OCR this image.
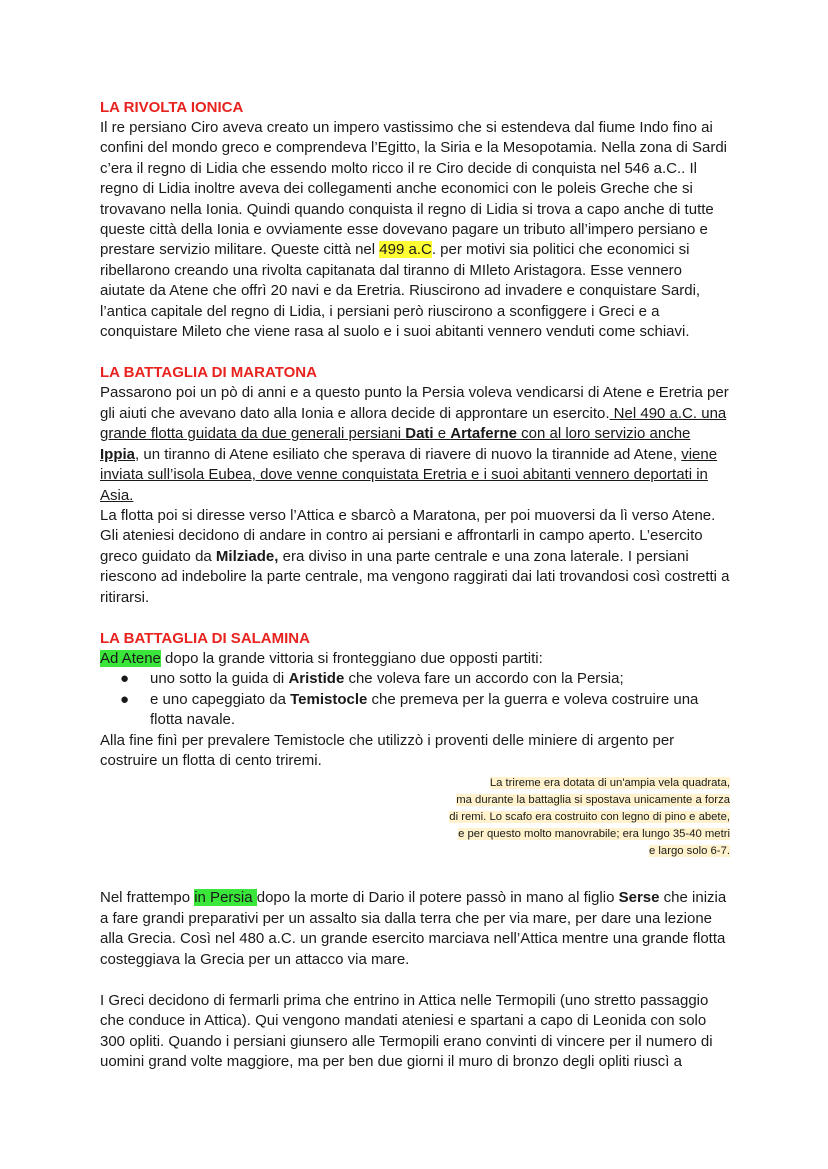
LA RIVOLTA IONICA

Il re persiano Ciro aveva creato un impero vastissimo che si estendeva dal fiume Indo fino ai confini del mondo greco e comprendeva l’Egitto, la Siria e la Mesopotamia. Nella zona di Sardi c’era il regno di Lidia che essendo molto ricco il re Ciro decide di conquista nel 546 a.C.. Il regno di Lidia inoltre aveva dei collegamenti anche economici con le poleis Greche che si trovavano nella Ionia. Quindi quando conquista il regno di Lidia si trova a capo anche di tutte queste città della Ionia e ovviamente esse dovevano pagare un tributo all’impero persiano e prestare servizio militare. Queste città nel 499 a.C. per motivi sia politici che economici si ribellarono creando una rivolta capitanata dal tiranno di MIleto Aristagora. Esse vennero aiutate da Atene che offrì 20 navi e da Eretria. Riuscirono ad invadere e conquistare Sardi, l’antica capitale del regno di Lidia, i persiani però riuscirono a sconfiggere i Greci e a conquistare Mileto che viene rasa al suolo e i suoi abitanti vennero venduti come schiavi.

LA BATTAGLIA DI MARATONA

Passarono poi un pò di anni e a questo punto la Persia voleva vendicarsi di Atene e Eretria per gli aiuti che avevano dato alla Ionia e allora decide di approntare un esercito. Nel 490 a.C. una grande flotta guidata da due generali persiani Dati e Artaferne con al loro servizio anche Ippia, un tiranno di Atene esiliato che sperava di riavere di nuovo la tirannide ad Atene, viene inviata sull’isola Eubea, dove venne conquistata Eretria e i suoi abitanti vennero deportati in Asia.

La flotta poi si diresse verso l’Attica e sbarcò a Maratona, per poi muoversi da lì verso Atene. Gli ateniesi decidono di andare in contro ai persiani e affrontarli in campo aperto. L’esercito greco guidato da Milziade, era diviso in una parte centrale e una zona laterale. I persiani riescono ad indebolire la parte centrale, ma vengono raggirati dai lati trovandosi così costretti a ritirarsi.

LA BATTAGLIA DI SALAMINA

Ad Atene dopo la grande vittoria si fronteggiano due opposti partiti:

● uno sotto la guida di Aristide che voleva fare un accordo con la Persia;
● e uno capeggiato da Temistocle che premeva per la guerra e voleva costruire una flotta navale.

Alla fine finì per prevalere Temistocle che utilizzò i proventi delle miniere di argento per costruire un flotta di cento triremi.

La trireme era dotata di un'ampia vela quadrata,
ma durante la battaglia si spostava unicamente a forza
di remi. Lo scafo era costruito con legno di pino e abete,
e per questo molto manovrabile; era lungo 35-40 metri
e largo solo 6-7.

Nel frattempo in Persia dopo la morte di Dario il potere passò in mano al figlio Serse che inizia a fare grandi preparativi per un assalto sia dalla terra che per via mare, per dare una lezione alla Grecia. Così nel 480 a.C. un grande esercito marciava nell’Attica mentre una grande flotta costeggiava la Grecia per un attacco via mare.

I Greci decidono di fermarli prima che entrino in Attica nelle Termopili (uno stretto passaggio che conduce in Attica). Qui vengono mandati ateniesi e spartani a capo di Leonida con solo 300 opliti. Quando i persiani giunsero alle Termopili erano convinti di vincere per il numero di uomini grand volte maggiore, ma per ben due giorni il muro di bronzo degli opliti riuscì a
